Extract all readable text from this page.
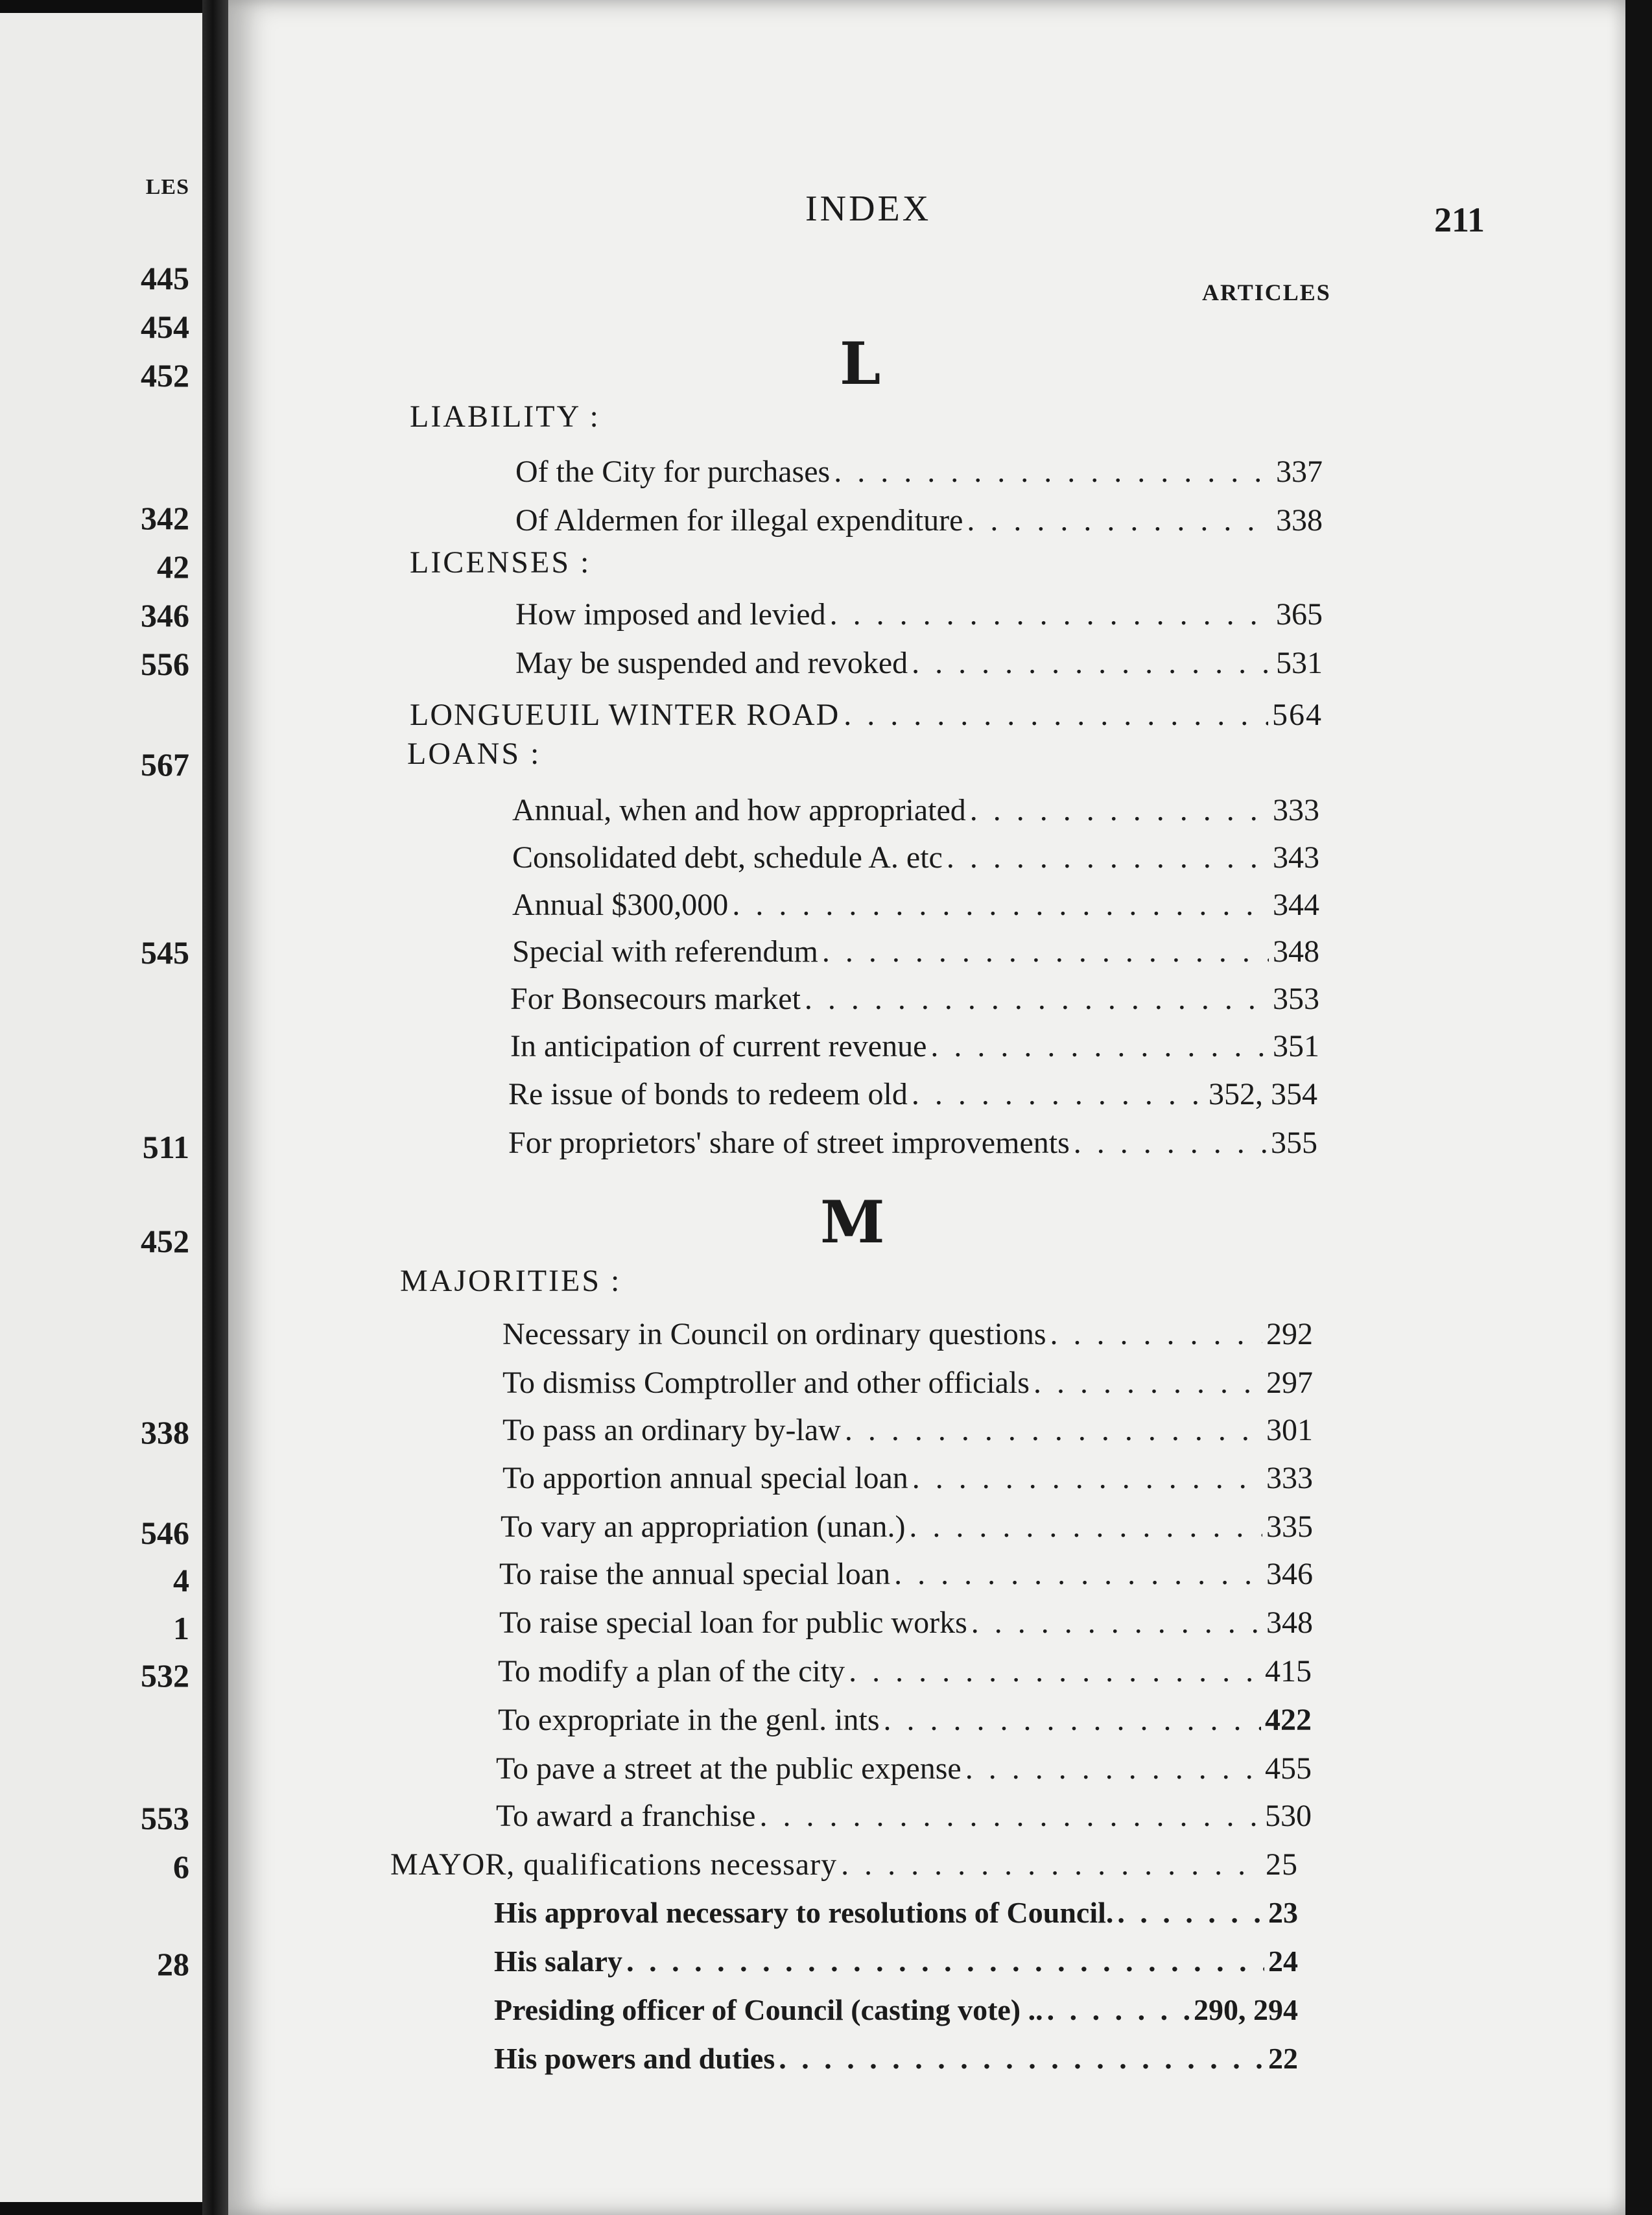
LES
445
454
452
342
42
346
556
567
545
511
452
338
546
4
1
532
553
6
28
INDEX	211
ARTICLES
L
LIABILITY :
Of the City for purchases . . .	337
Of Aldermen for illegal expenditure . . .	338
LICENSES :
How imposed and levied . . .	365
May be suspended and revoked . . .	531
LONGUEUIL WINTER ROAD . . .	564
LOANS :
Annual, when and how appropriated . . .	333
Consolidated debt, schedule A. etc . . .	343
Annual $300,000 . . .	344
Special with referendum . . .	348
For Bonsecours market . . .	353
In anticipation of current revenue . . .	351
Re issue of bonds to redeem old . . .	352, 354
For proprietors' share of street improvements . . .	355
M
MAJORITIES :
Necessary in Council on ordinary questions . . .	292
To dismiss Comptroller and other officials . . .	297
To pass an ordinary by-law . . .	301
To apportion annual special loan . . .	333
To vary an appropriation (unan.) . . .	335
To raise the annual special loan . . .	346
To raise special loan for public works . . .	348
To modify a plan of the city . . .	415
To expropriate in the genl. ints . . .	422
To pave a street at the public expense . . .	455
To award a franchise . . .	530
MAYOR, qualifications necessary . . .	25
His approval necessary to resolutions of Council. . . .	23
His salary . . .	24
Presiding officer of Council (casting vote) .. . . .	290, 294
His powers and duties . . .	22
